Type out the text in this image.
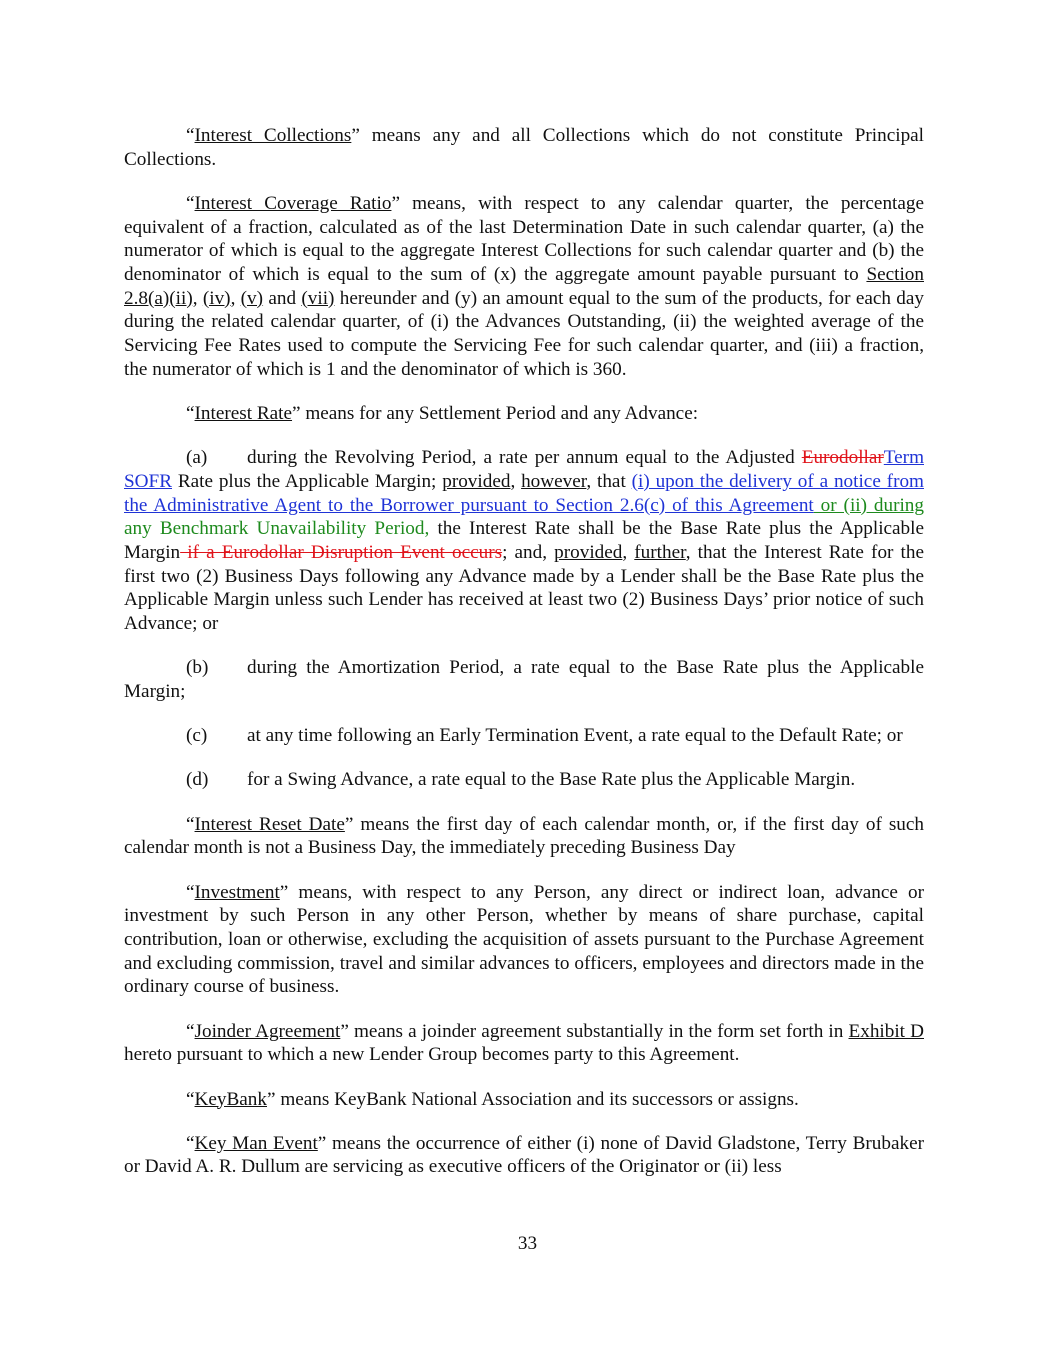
“Interest Collections” means any and all Collections which do not constitute Principal Collections.

“Interest Coverage Ratio” means, with respect to any calendar quarter, the percentage equivalent of a fraction, calculated as of the last Determination Date in such calendar quarter, (a) the numerator of which is equal to the aggregate Interest Collections for such calendar quarter and (b) the denominator of which is equal to the sum of (x) the aggregate amount payable pursuant to Section 2.8(a)(ii), (iv), (v) and (vii) hereunder and (y) an amount equal to the sum of the products, for each day during the related calendar quarter, of (i) the Advances Outstanding, (ii) the weighted average of the Servicing Fee Rates used to compute the Servicing Fee for such calendar quarter, and (iii) a fraction, the numerator of which is 1 and the denominator of which is 360.

“Interest Rate” means for any Settlement Period and any Advance:

(a) during the Revolving Period, a rate per annum equal to the Adjusted EurodollarTerm SOFR Rate plus the Applicable Margin; provided, however, that (i) upon the delivery of a notice from the Administrative Agent to the Borrower pursuant to Section 2.6(c) of this Agreement or (ii) during any Benchmark Unavailability Period, the Interest Rate shall be the Base Rate plus the Applicable Margin if a Eurodollar Disruption Event occurs; and, provided, further, that the Interest Rate for the first two (2) Business Days following any Advance made by a Lender shall be the Base Rate plus the Applicable Margin unless such Lender has received at least two (2) Business Days’ prior notice of such Advance; or

(b) during the Amortization Period, a rate equal to the Base Rate plus the Applicable Margin;

(c) at any time following an Early Termination Event, a rate equal to the Default Rate; or

(d) for a Swing Advance, a rate equal to the Base Rate plus the Applicable Margin.

“Interest Reset Date” means the first day of each calendar month, or, if the first day of such calendar month is not a Business Day, the immediately preceding Business Day

“Investment” means, with respect to any Person, any direct or indirect loan, advance or investment by such Person in any other Person, whether by means of share purchase, capital contribution, loan or otherwise, excluding the acquisition of assets pursuant to the Purchase Agreement and excluding commission, travel and similar advances to officers, employees and directors made in the ordinary course of business.

“Joinder Agreement” means a joinder agreement substantially in the form set forth in Exhibit D hereto pursuant to which a new Lender Group becomes party to this Agreement.

“KeyBank” means KeyBank National Association and its successors or assigns.

“Key Man Event” means the occurrence of either (i) none of David Gladstone, Terry Brubaker or David A. R. Dullum are servicing as executive officers of the Originator or (ii) less

33
